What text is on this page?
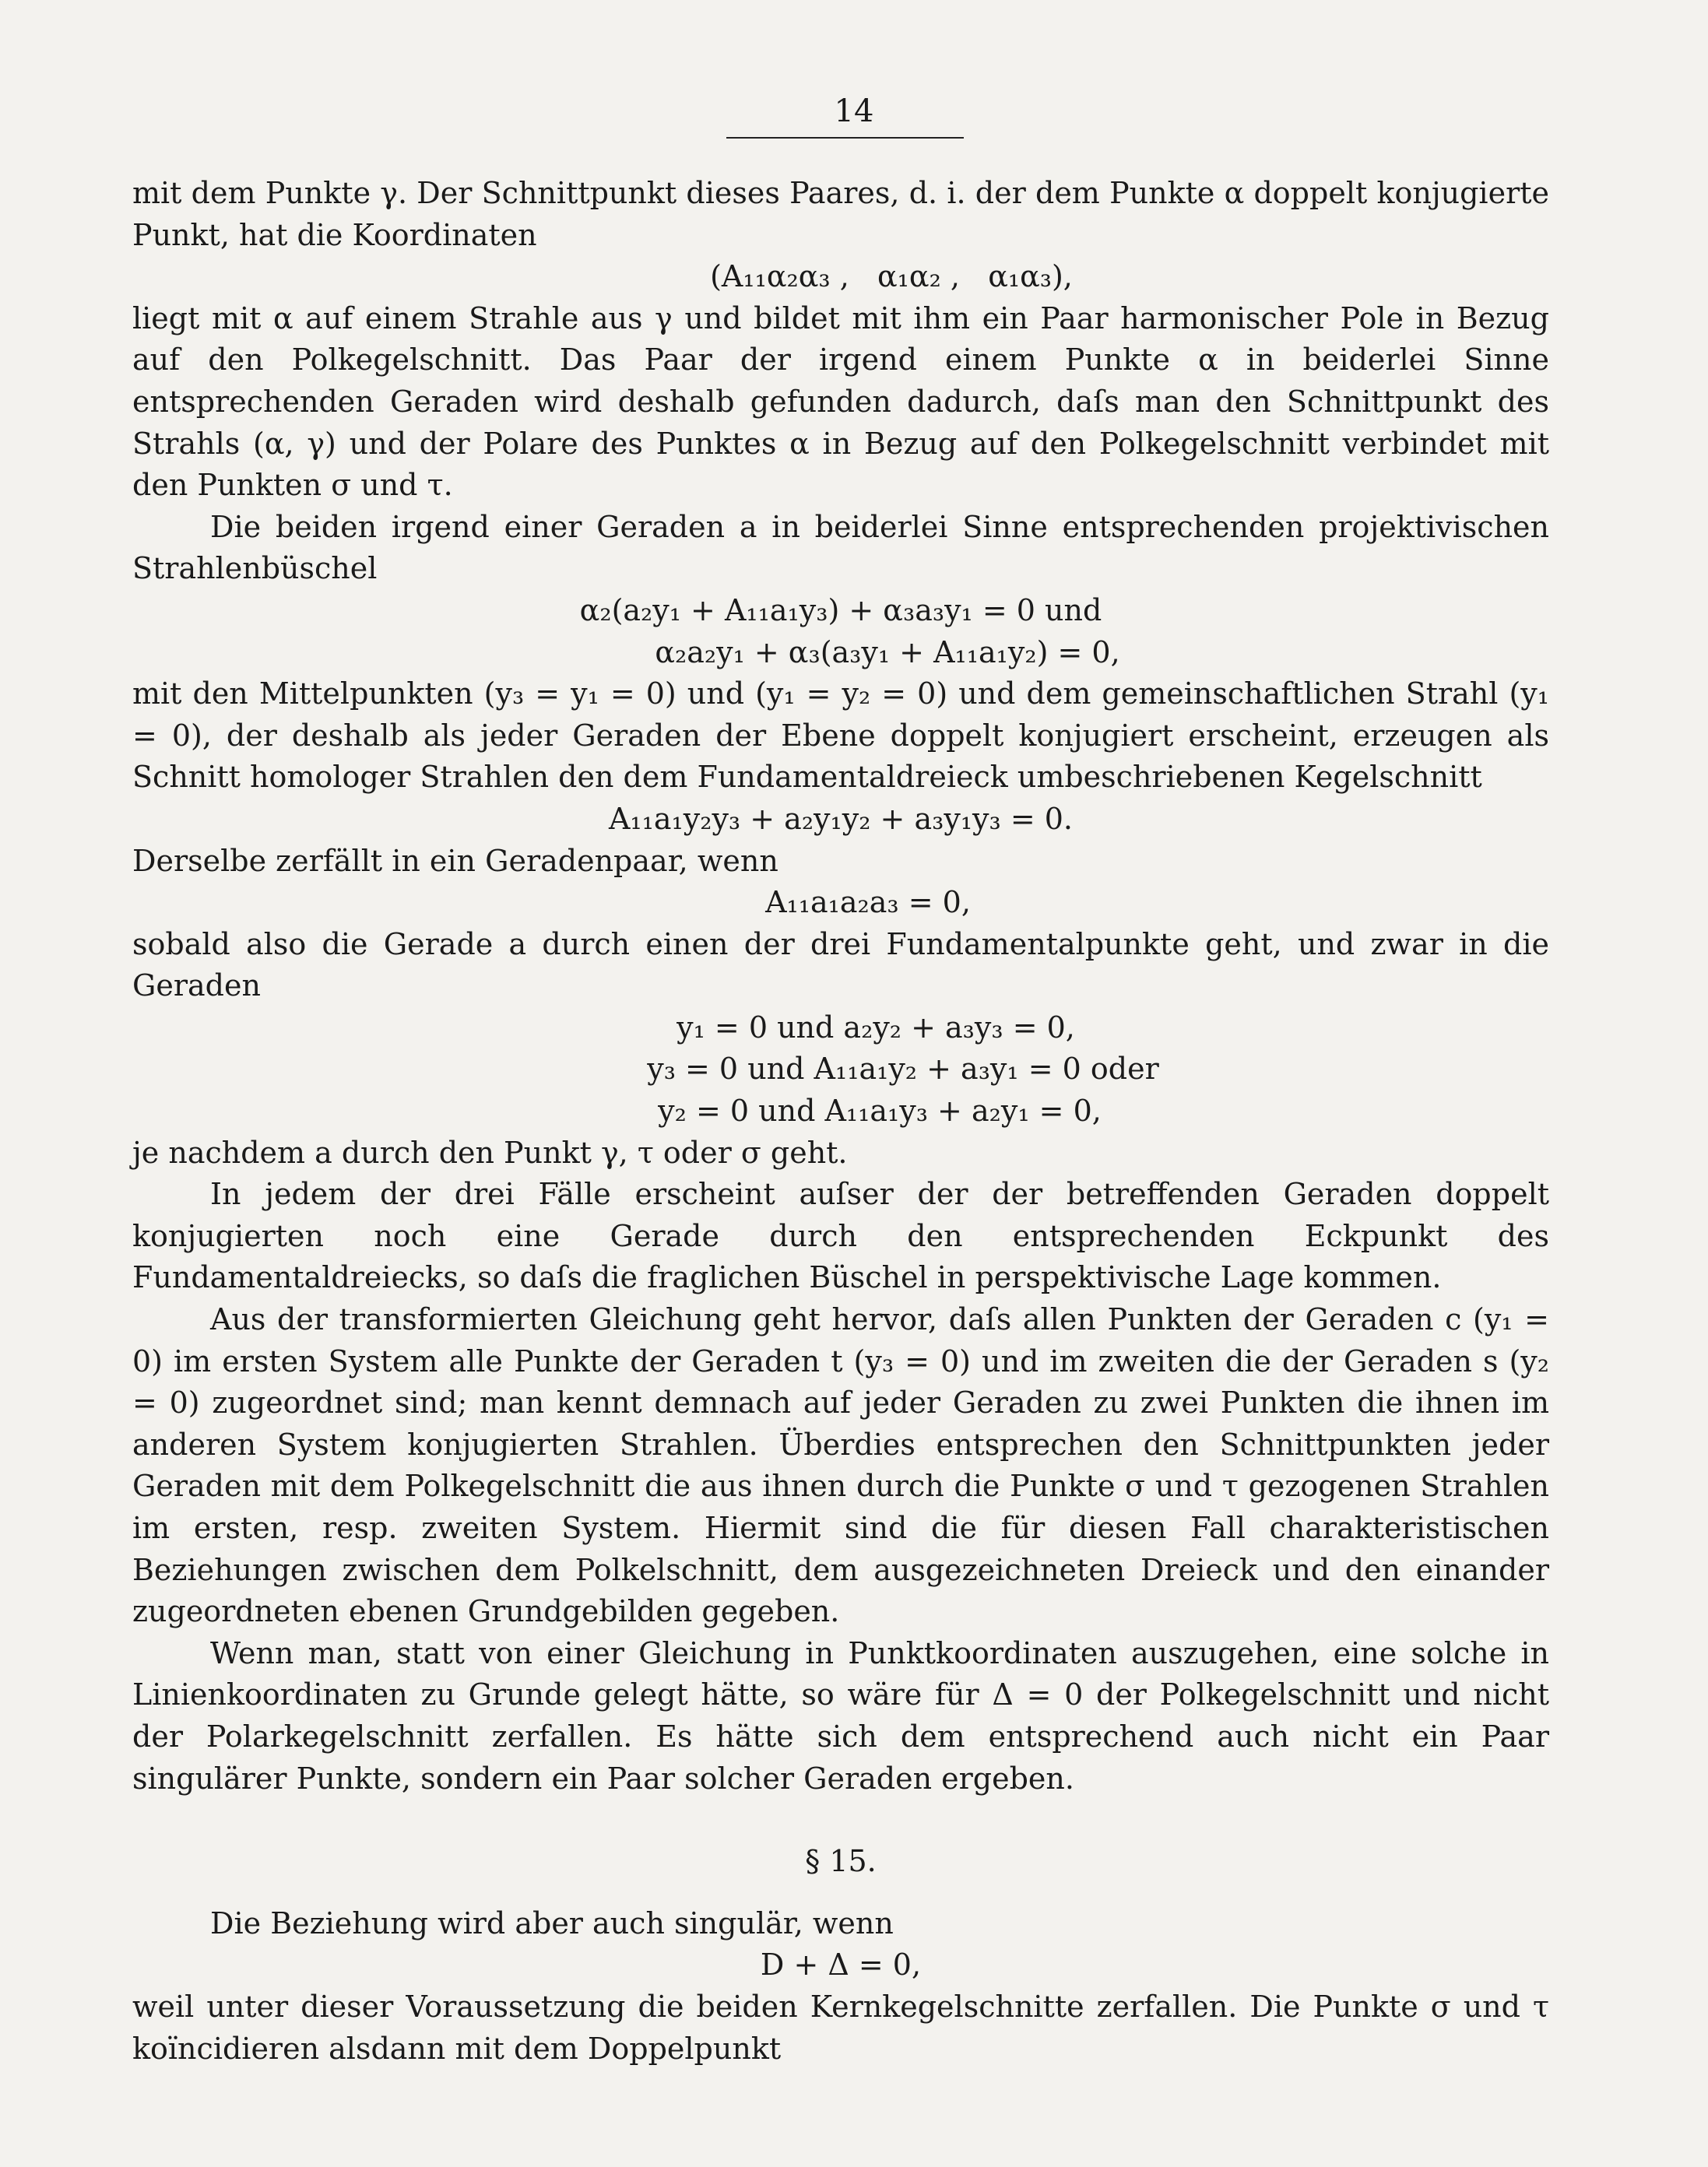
14

mit dem Punkte γ. Der Schnittpunkt dieses Paares, d. i. der dem Punkte α doppelt konjugierte Punkt, hat die Koordinaten

(A₁₁α₂α₃ ,   α₁α₂ ,   α₁α₃),

liegt mit α auf einem Strahle aus γ und bildet mit ihm ein Paar harmonischer Pole in Bezug auf den Polkegelschnitt. Das Paar der irgend einem Punkte α in beiderlei Sinne entsprechenden Geraden wird deshalb gefunden dadurch, daſs man den Schnittpunkt des Strahls (α, γ) und der Polare des Punktes α in Bezug auf den Polkegelschnitt verbindet mit den Punkten σ und τ.

Die beiden irgend einer Geraden a in beiderlei Sinne entsprechenden projektivischen Strahlenbüschel

α₂(a₂y₁ + A₁₁a₁y₃) + α₃a₃y₁ = 0 und
α₂a₂y₁ + α₃(a₃y₁ + A₁₁a₁y₂) = 0,

mit den Mittelpunkten (y₃ = y₁ = 0) und (y₁ = y₂ = 0) und dem gemeinschaftlichen Strahl (y₁ = 0), der deshalb als jeder Geraden der Ebene doppelt konjugiert erscheint, erzeugen als Schnitt homologer Strahlen den dem Fundamentaldreieck umbeschriebenen Kegelschnitt

A₁₁a₁y₂y₃ + a₂y₁y₂ + a₃y₁y₃ = 0.

Derselbe zerfällt in ein Geradenpaar, wenn

A₁₁a₁a₂a₃ = 0,

sobald also die Gerade a durch einen der drei Fundamentalpunkte geht, und zwar in die Geraden

y₁ = 0 und a₂y₂ + a₃y₃ = 0,
y₃ = 0 und A₁₁a₁y₂ + a₃y₁ = 0 oder
y₂ = 0 und A₁₁a₁y₃ + a₂y₁ = 0,

je nachdem a durch den Punkt γ, τ oder σ geht.

In jedem der drei Fälle erscheint auſser der der betreffenden Geraden doppelt konjugierten noch eine Gerade durch den entsprechenden Eckpunkt des Fundamentaldreiecks, so daſs die fraglichen Büschel in perspektivische Lage kommen.

Aus der transformierten Gleichung geht hervor, daſs allen Punkten der Geraden c (y₁ = 0) im ersten System alle Punkte der Geraden t (y₃ = 0) und im zweiten die der Geraden s (y₂ = 0) zugeordnet sind; man kennt demnach auf jeder Geraden zu zwei Punkten die ihnen im anderen System konjugierten Strahlen. Überdies entsprechen den Schnittpunkten jeder Geraden mit dem Polkegelschnitt die aus ihnen durch die Punkte σ und τ gezogenen Strahlen im ersten, resp. zweiten System. Hiermit sind die für diesen Fall charakteristischen Beziehungen zwischen dem Polkelschnitt, dem ausgezeichneten Dreieck und den einander zugeordneten ebenen Grundgebilden gegeben.

Wenn man, statt von einer Gleichung in Punktkoordinaten auszugehen, eine solche in Linienkoordinaten zu Grunde gelegt hätte, so wäre für Δ = 0 der Polkegelschnitt und nicht der Polarkegelschnitt zerfallen. Es hätte sich dem entsprechend auch nicht ein Paar singulärer Punkte, sondern ein Paar solcher Geraden ergeben.

§ 15.

Die Beziehung wird aber auch singulär, wenn

D + Δ = 0,

weil unter dieser Voraussetzung die beiden Kernkegelschnitte zerfallen. Die Punkte σ und τ koïncidieren alsdann mit dem Doppelpunkt
